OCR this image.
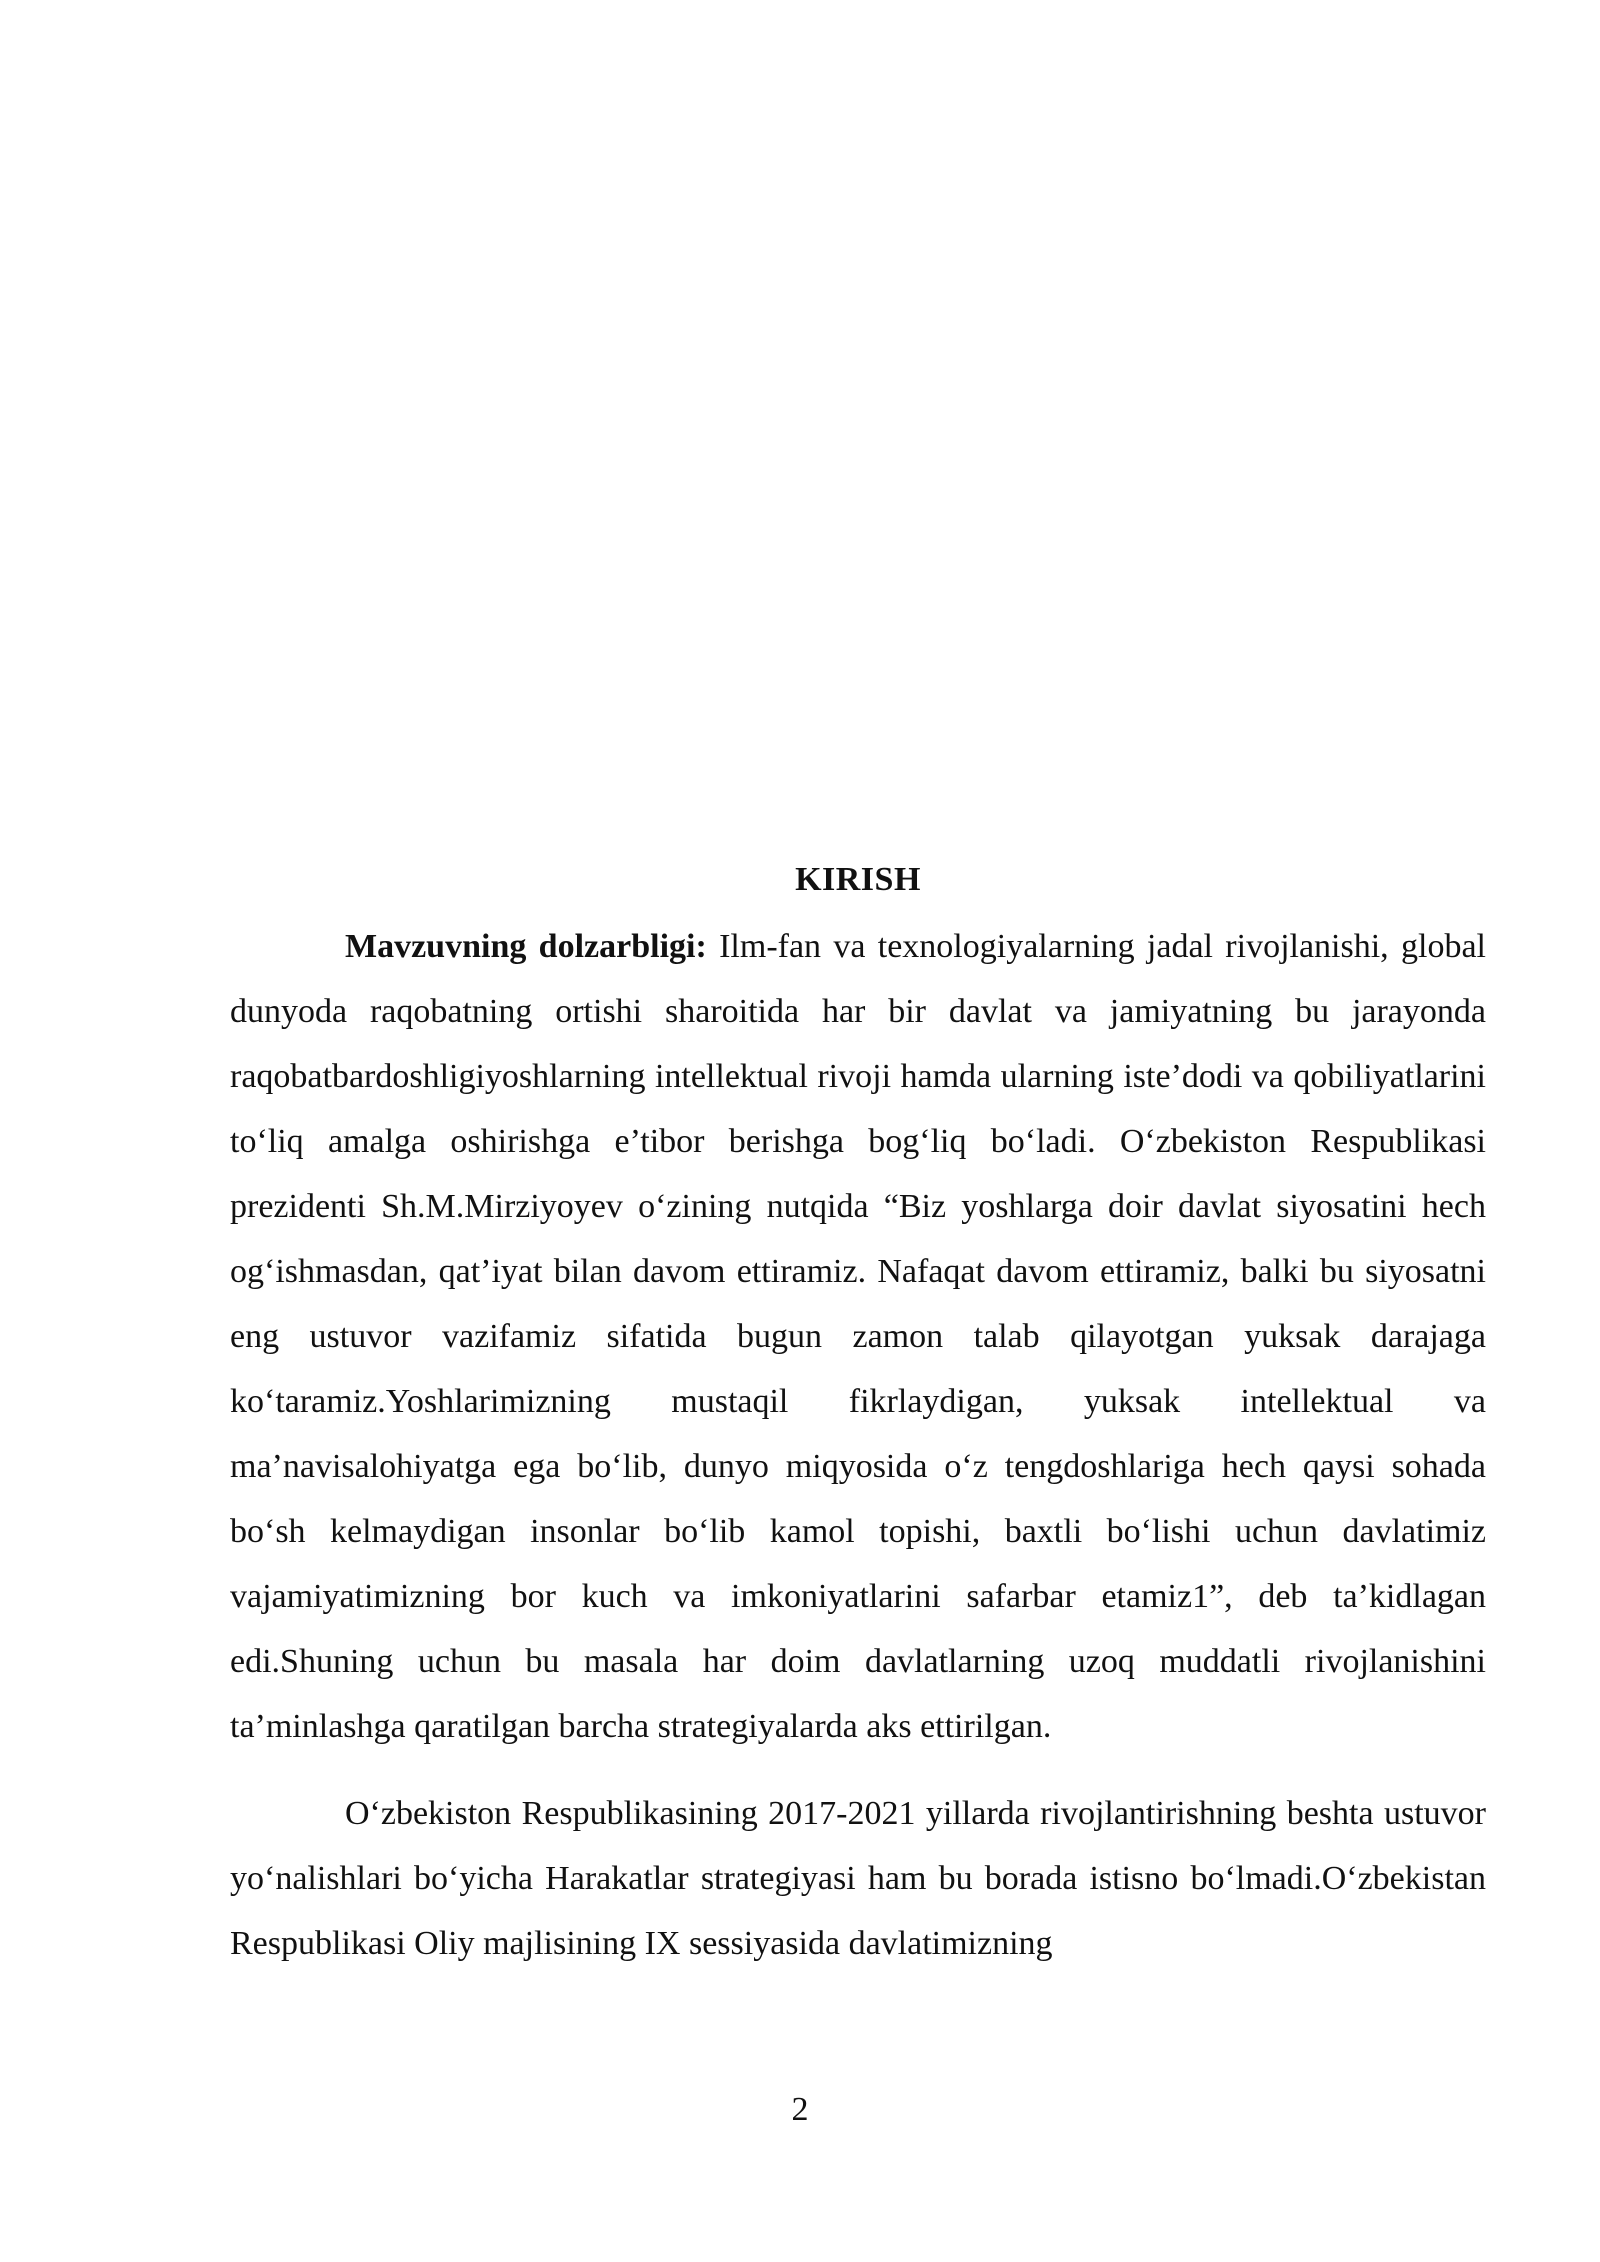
KIRISH

Mavzuvning dolzarbligi: Ilm-fan va texnologiyalarning jadal rivojlanishi, global dunyoda raqobatning ortishi sharoitida har bir davlat va jamiyatning bu jarayonda raqobatbardoshligiyoshlarning intellektual rivoji hamda ularning iste’dodi va qobiliyatlarini to‘liq amalga oshirishga e’tibor berishga bog‘liq bo‘ladi. O‘zbekiston Respublikasi prezidenti Sh.M.Mirziyoyev o‘zining nutqida “Biz yoshlarga doir davlat siyosatini hech og‘ishmasdan, qat’iyat bilan davom ettiramiz. Nafaqat davom ettiramiz, balki bu siyosatni eng ustuvor vazifamiz sifatida bugun zamon talab qilayotgan yuksak darajaga ko‘taramiz.Yoshlarimizning mustaqil fikrlaydigan, yuksak intellektual va ma’navisalohiyatga ega bo‘lib, dunyo miqyosida o‘z tengdoshlariga hech qaysi sohada bo‘sh kelmaydigan insonlar bo‘lib kamol topishi, baxtli bo‘lishi uchun davlatimiz vajamiyatimizning bor kuch va imkoniyatlarini safarbar etamiz1”, deb ta’kidlagan edi.Shuning uchun bu masala har doim davlatlarning uzoq muddatli rivojlanishini ta’minlashga qaratilgan barcha strategiyalarda aks ettirilgan.

O‘zbekiston Respublikasining 2017-2021 yillarda rivojlantirishning beshta ustuvor yo‘nalishlari bo‘yicha Harakatlar strategiyasi ham bu borada istisno bo‘lmadi.O‘zbekistan Respublikasi Oliy majlisining IX sessiyasida davlatimizning

2
